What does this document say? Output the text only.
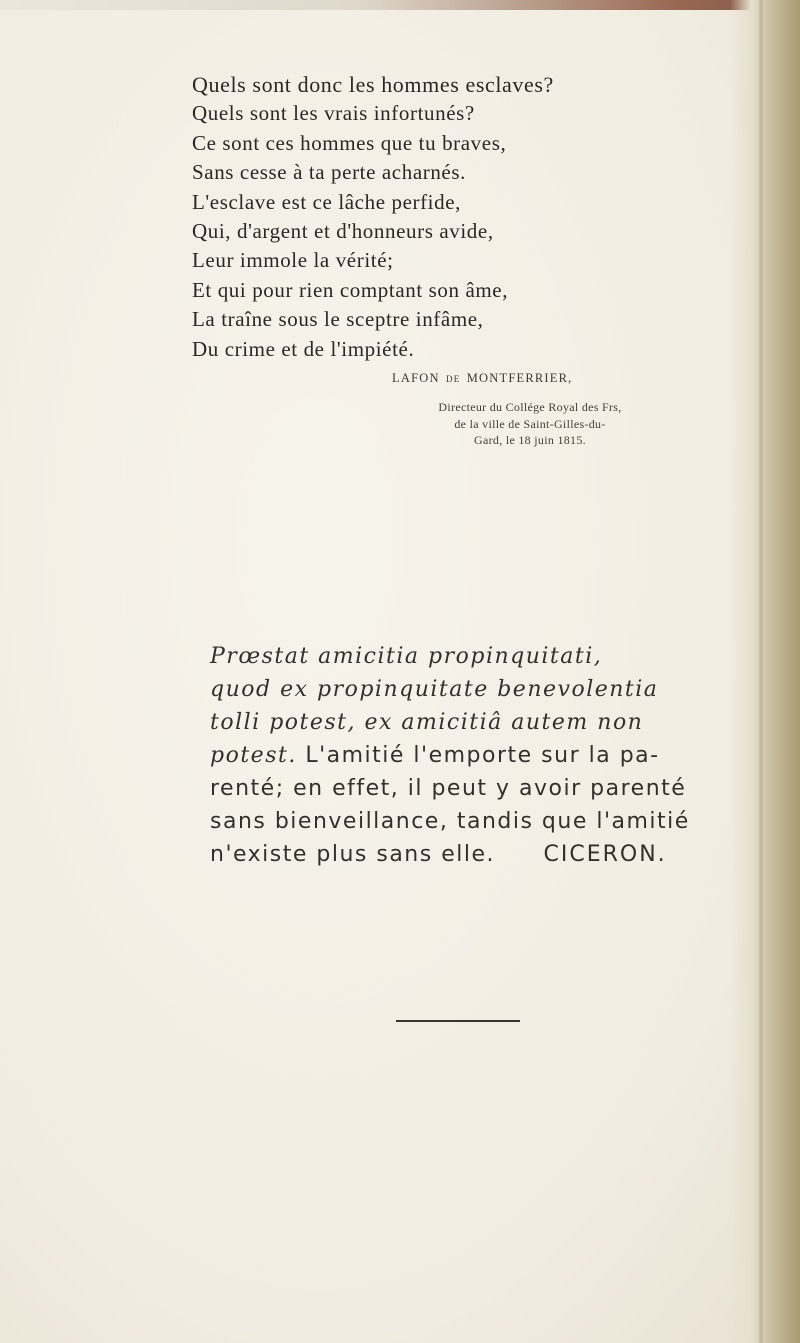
Quels sont donc les hommes esclaves?
Quels sont les vrais infortunés?
Ce sont ces hommes que tu braves,
Sans cesse à ta perte acharnés.
L'esclave est ce lâche perfide,
Qui, d'argent et d'honneurs avide,
Leur immole la vérité;
Et qui pour rien comptant son âme,
La traîne sous le sceptre infâme,
Du crime et de l'impiété.
LAFON DE MONTFERRIER,
Directeur du Collége Royal des Frs,
de la ville de Saint-Gilles-du-
Gard, le 18 juin 1815.
Prœstat amicitia propinquitati,
quod ex propinquitate benevolentia
tolli potest, ex amicitiâ autem non
potest. L'amitié l'emporte sur la pa-
renté; en effet, il peut y avoir parenté
sans bienveillance, tandis que l'amitié
n'existe plus sans elle. CICERON.
